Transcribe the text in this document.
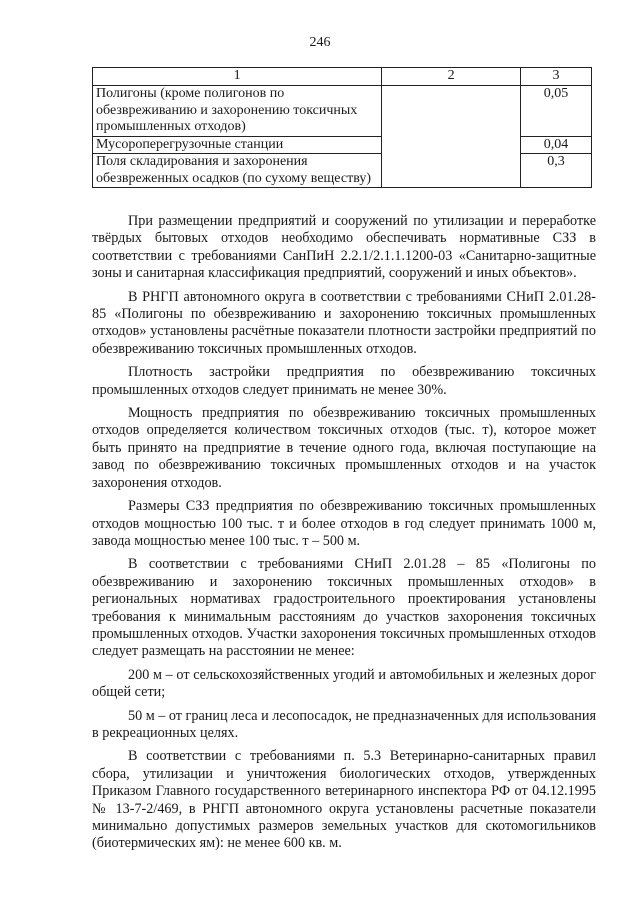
246
1	2	3
Полигоны (кроме полигонов по обезвреживанию и захоронению токсичных промышленных отходов)		0,05
Мусороперегрузочные станции		0,04
Поля складирования и захоронения обезвреженных осадков (по сухому веществу)		0,3

При размещении предприятий и сооружений по утилизации и переработке твёрдых бытовых отходов необходимо обеспечивать нормативные СЗЗ в соответствии с требованиями СанПиН 2.2.1/2.1.1.1200-03 «Санитарно-защитные зоны и санитарная классификация предприятий, сооружений и иных объектов».

В РНГП автономного округа в соответствии с требованиями СНиП 2.01.28-85 «Полигоны по обезвреживанию и захоронению токсичных промышленных отходов» установлены расчётные показатели плотности застройки предприятий по обезвреживанию токсичных промышленных отходов.

Плотность застройки предприятия по обезвреживанию токсичных промышленных отходов следует принимать не менее 30%.

Мощность предприятия по обезвреживанию токсичных промышленных отходов определяется количеством токсичных отходов (тыс. т), которое может быть принято на предприятие в течение одного года, включая поступающие на завод по обезвреживанию токсичных промышленных отходов и на участок захоронения отходов.

Размеры СЗЗ предприятия по обезвреживанию токсичных промышленных отходов мощностью 100 тыс. т и более отходов в год следует принимать 1000 м, завода мощностью менее 100 тыс. т – 500 м.

В соответствии с требованиями СНиП 2.01.28 – 85 «Полигоны по обезвреживанию и захоронению токсичных промышленных отходов» в региональных нормативах градостроительного проектирования установлены требования к минимальным расстояниям до участков захоронения токсичных промышленных отходов. Участки захоронения токсичных промышленных отходов следует размещать на расстоянии не менее:

200 м – от сельскохозяйственных угодий и автомобильных и железных дорог общей сети;

50 м – от границ леса и лесопосадок, не предназначенных для использования в рекреационных целях.

В соответствии с требованиями п. 5.3 Ветеринарно-санитарных правил сбора, утилизации и уничтожения биологических отходов, утвержденных Приказом Главного государственного ветеринарного инспектора РФ от 04.12.1995 № 13-7-2/469, в РНГП автономного округа установлены расчетные показатели минимально допустимых размеров земельных участков для скотомогильников (биотермических ям): не менее 600 кв. м.
